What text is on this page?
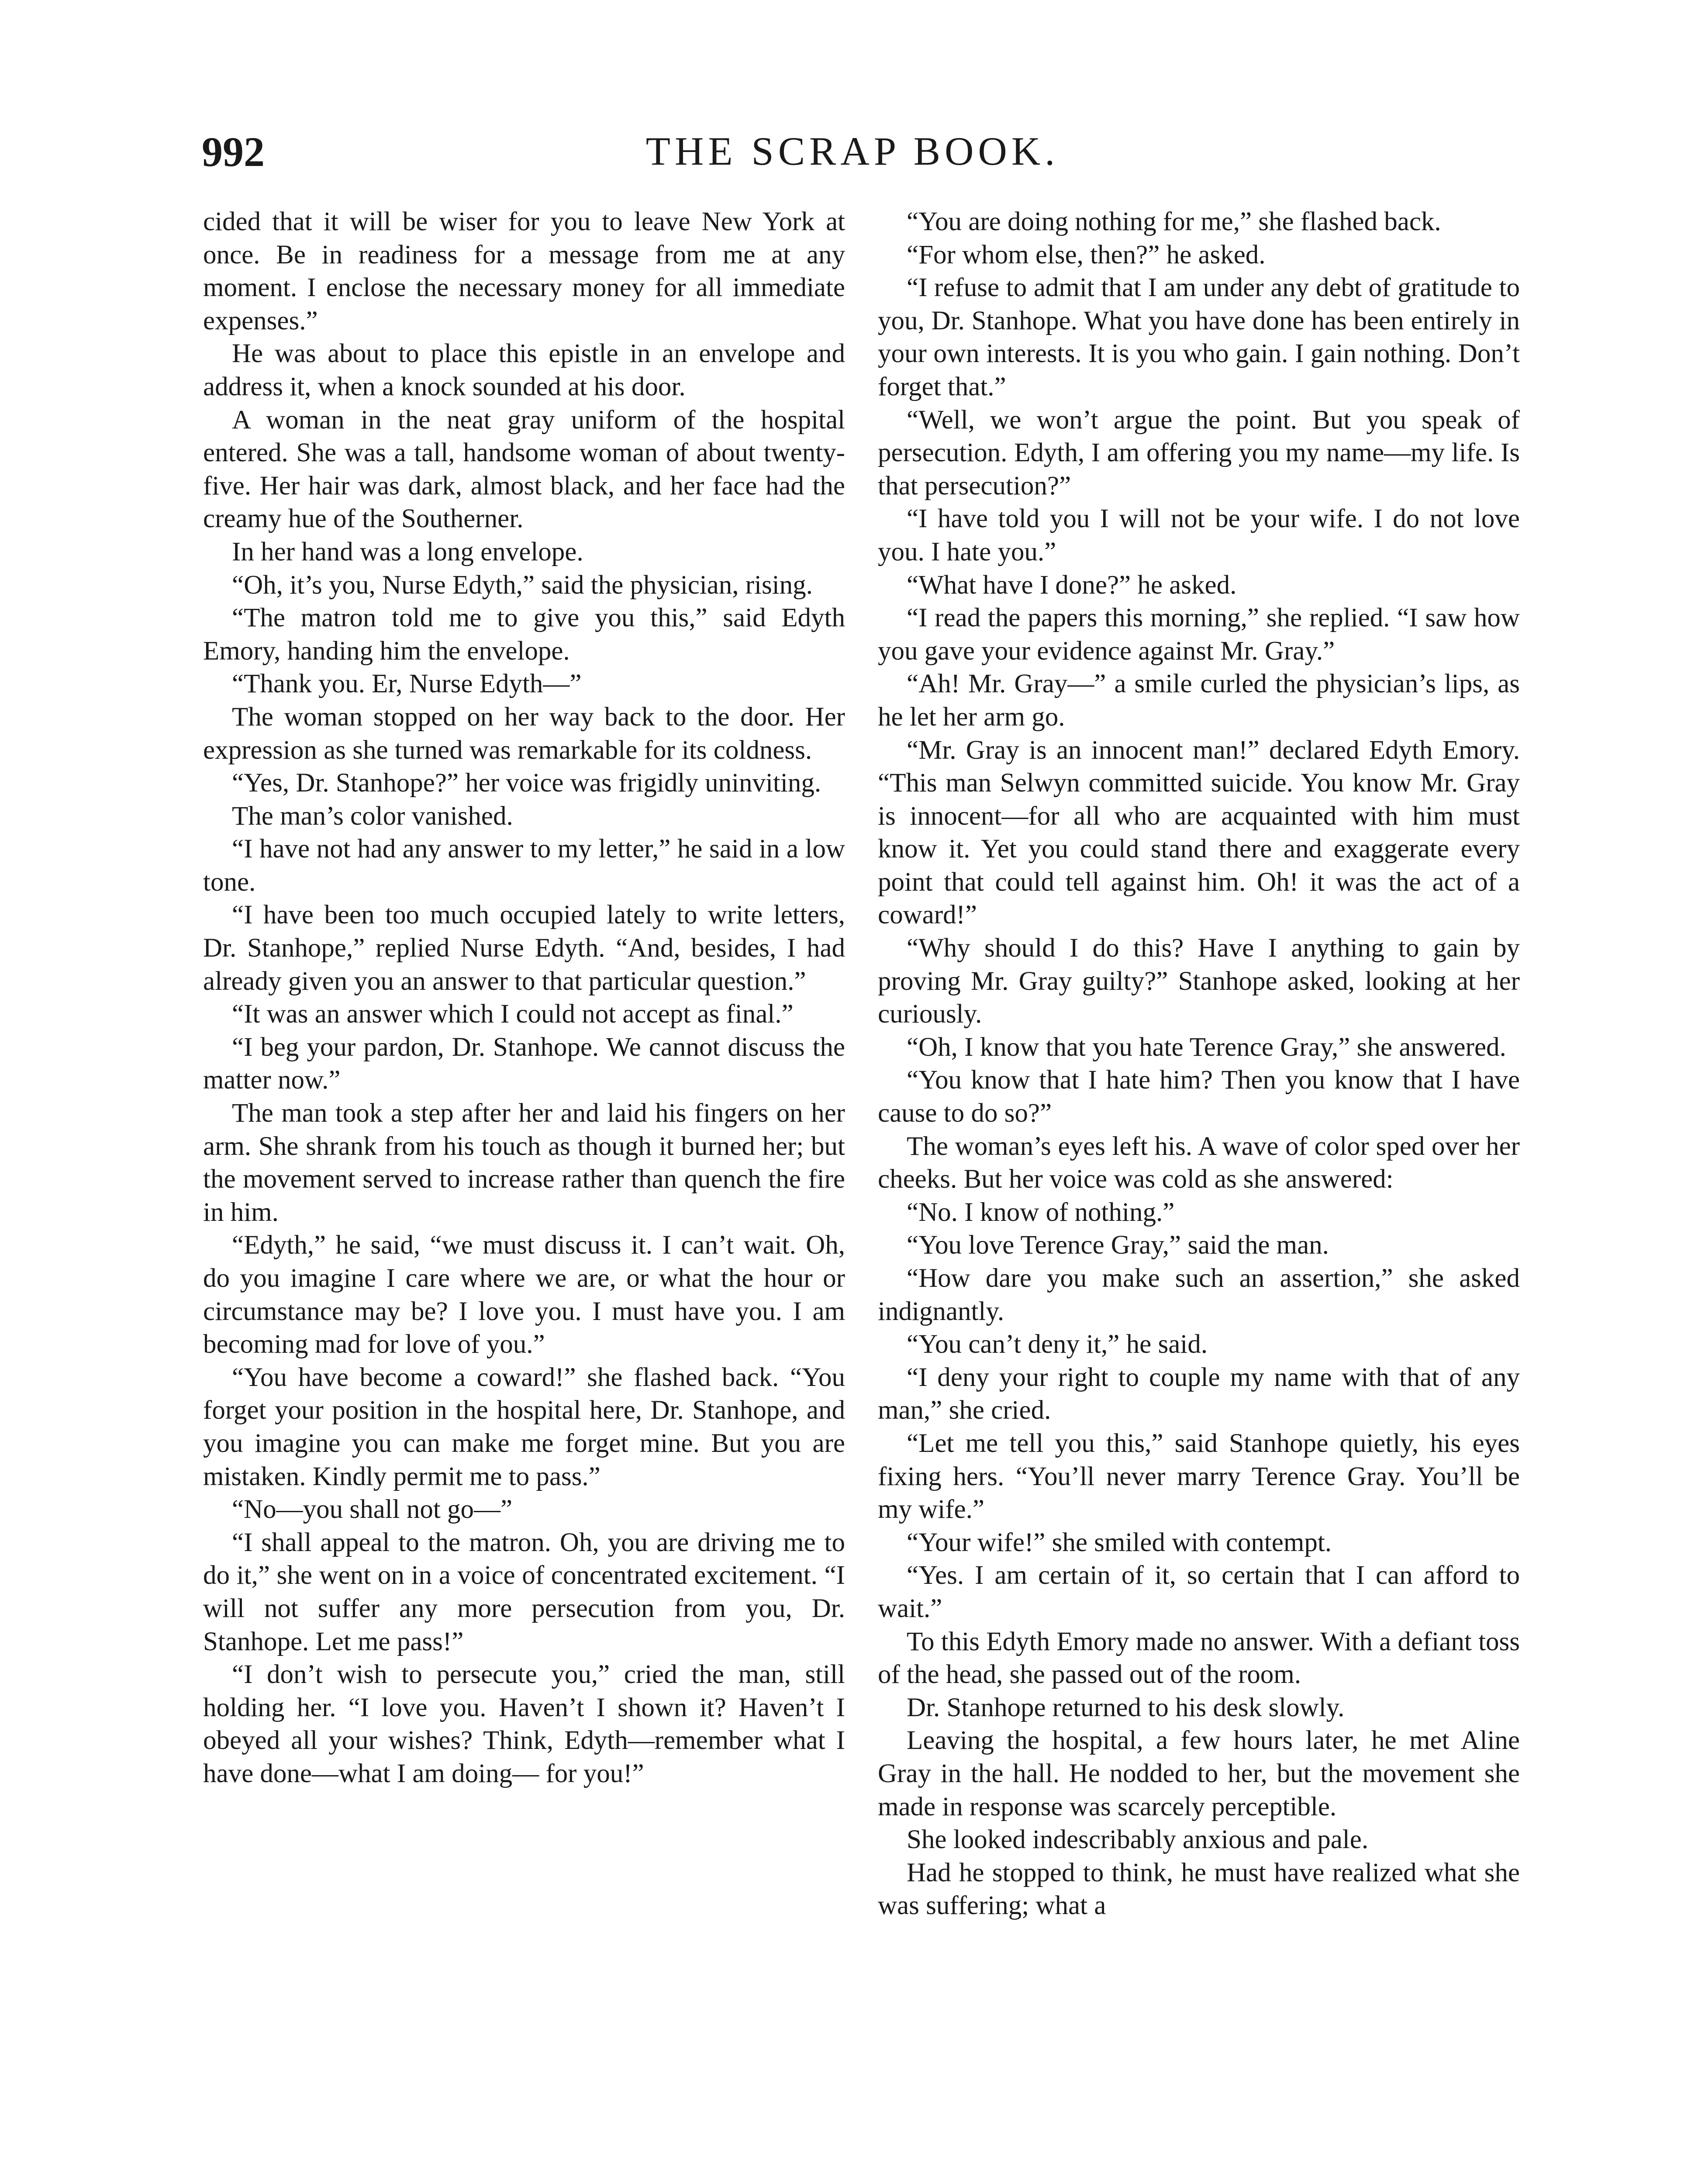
992	THE SCRAP BOOK.

cided that it will be wiser for you to leave New York at once. Be in readiness for a message from me at any moment. I enclose the necessary money for all immediate expenses.”

He was about to place this epistle in an envelope and address it, when a knock sounded at his door.

A woman in the neat gray uniform of the hospital entered. She was a tall, handsome woman of about twenty-five. Her hair was dark, almost black, and her face had the creamy hue of the Southerner.

In her hand was a long envelope.

“Oh, it’s you, Nurse Edyth,” said the physician, rising.

“The matron told me to give you this,” said Edyth Emory, handing him the envelope.

“Thank you. Er, Nurse Edyth—”

The woman stopped on her way back to the door. Her expression as she turned was remarkable for its coldness.

“Yes, Dr. Stanhope?” her voice was frigidly uninviting.

The man’s color vanished.

“I have not had any answer to my letter,” he said in a low tone.

“I have been too much occupied lately to write letters, Dr. Stanhope,” replied Nurse Edyth. “And, besides, I had already given you an answer to that particular question.”

“It was an answer which I could not accept as final.”

“I beg your pardon, Dr. Stanhope. We cannot discuss the matter now.”

The man took a step after her and laid his fingers on her arm. She shrank from his touch as though it burned her; but the movement served to increase rather than quench the fire in him.

“Edyth,” he said, “we must discuss it. I can’t wait. Oh, do you imagine I care where we are, or what the hour or circumstance may be? I love you. I must have you. I am becoming mad for love of you.”

“You have become a coward!” she flashed back. “You forget your position in the hospital here, Dr. Stanhope, and you imagine you can make me forget mine. But you are mistaken. Kindly permit me to pass.”

“No—you shall not go—”

“I shall appeal to the matron. Oh, you are driving me to do it,” she went on in a voice of concentrated excitement. “I will not suffer any more persecution from you, Dr. Stanhope. Let me pass!”

“I don’t wish to persecute you,” cried the man, still holding her. “I love you. Haven’t I shown it? Haven’t I obeyed all your wishes? Think, Edyth—remember what I have done—what I am doing— for you!”

“You are doing nothing for me,” she flashed back.

“For whom else, then?” he asked.

“I refuse to admit that I am under any debt of gratitude to you, Dr. Stanhope. What you have done has been entirely in your own interests. It is you who gain. I gain nothing. Don’t forget that.”

“Well, we won’t argue the point. But you speak of persecution. Edyth, I am offering you my name—my life. Is that persecution?”

“I have told you I will not be your wife. I do not love you. I hate you.”

“What have I done?” he asked.

“I read the papers this morning,” she replied. “I saw how you gave your evidence against Mr. Gray.”

“Ah! Mr. Gray—” a smile curled the physician’s lips, as he let her arm go.

“Mr. Gray is an innocent man!” declared Edyth Emory. “This man Selwyn committed suicide. You know Mr. Gray is innocent—for all who are acquainted with him must know it. Yet you could stand there and exaggerate every point that could tell against him. Oh! it was the act of a coward!”

“Why should I do this? Have I anything to gain by proving Mr. Gray guilty?” Stanhope asked, looking at her curiously.

“Oh, I know that you hate Terence Gray,” she answered.

“You know that I hate him? Then you know that I have cause to do so?”

The woman’s eyes left his. A wave of color sped over her cheeks. But her voice was cold as she answered:

“No. I know of nothing.”

“You love Terence Gray,” said the man.

“How dare you make such an assertion,” she asked indignantly.

“You can’t deny it,” he said.

“I deny your right to couple my name with that of any man,” she cried.

“Let me tell you this,” said Stanhope quietly, his eyes fixing hers. “You’ll never marry Terence Gray. You’ll be my wife.”

“Your wife!” she smiled with contempt.

“Yes. I am certain of it, so certain that I can afford to wait.”

To this Edyth Emory made no answer. With a defiant toss of the head, she passed out of the room.

Dr. Stanhope returned to his desk slowly.

Leaving the hospital, a few hours later, he met Aline Gray in the hall. He nodded to her, but the movement she made in response was scarcely perceptible.

She looked indescribably anxious and pale.

Had he stopped to think, he must have realized what she was suffering; what a
